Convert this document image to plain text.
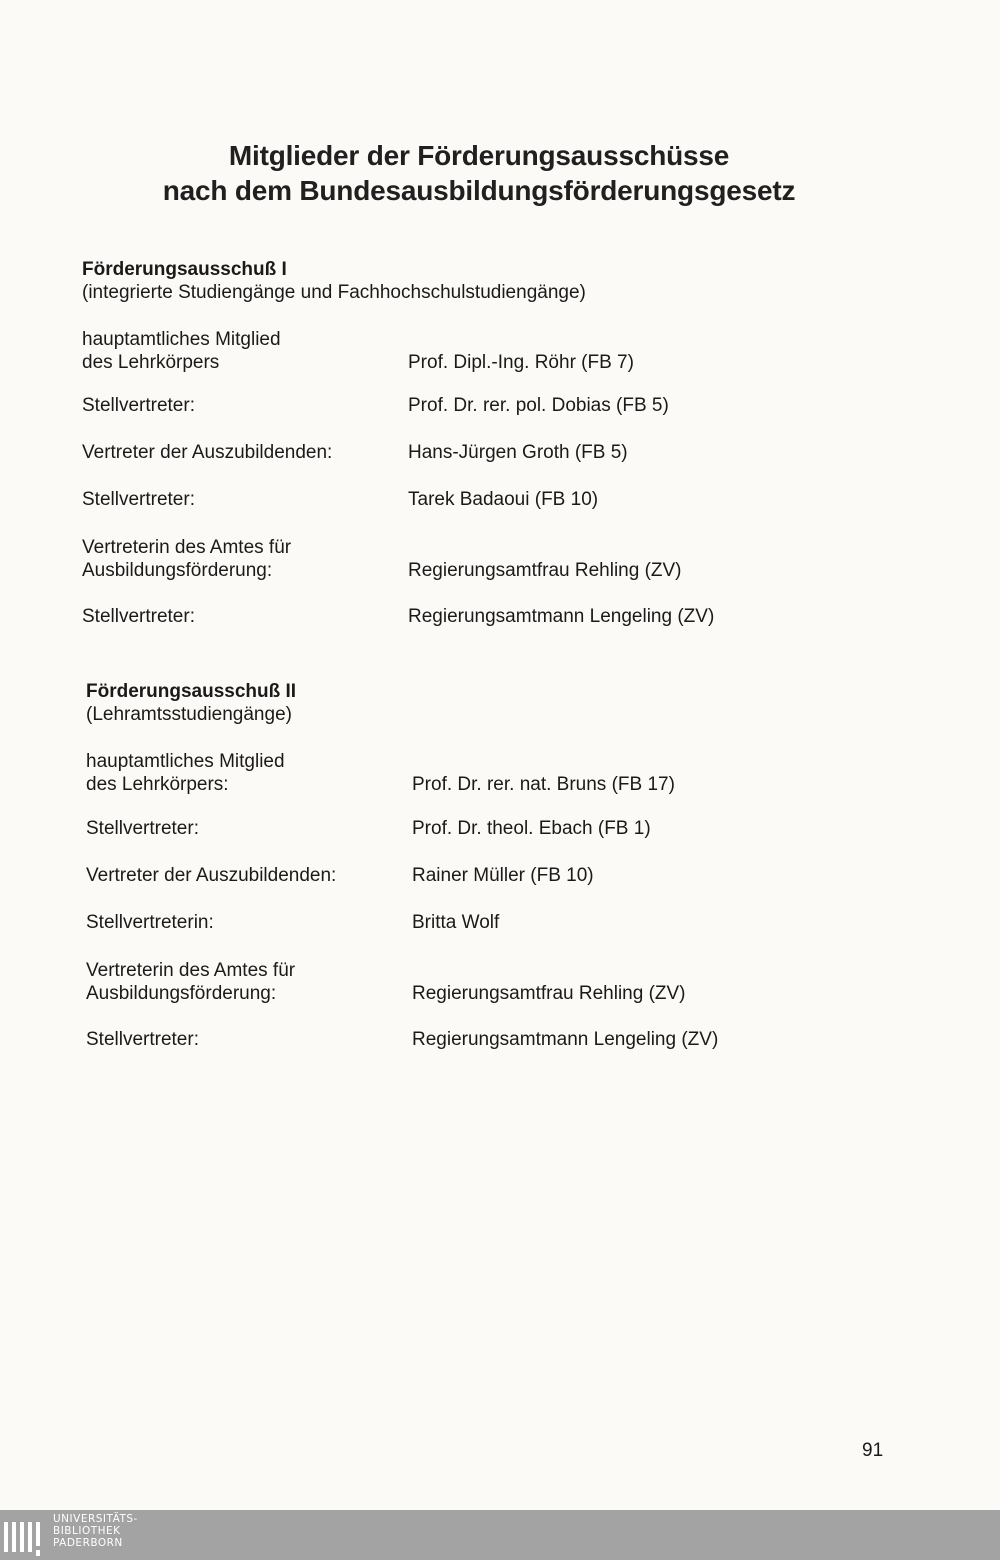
Mitglieder der Förderungsausschüsse
nach dem Bundesausbildungsförderungsgesetz
Förderungsausschuß I
(integrierte Studiengänge und Fachhochschulstudiengänge)
hauptamtliches Mitglied
des Lehrkörpers	Prof. Dipl.-Ing. Röhr (FB 7)
Stellvertreter:	Prof. Dr. rer. pol. Dobias (FB 5)
Vertreter der Auszubildenden:	Hans-Jürgen Groth (FB 5)
Stellvertreter:	Tarek Badaoui (FB 10)
Vertreterin des Amtes für
Ausbildungsförderung:	Regierungsamtfrau Rehling (ZV)
Stellvertreter:	Regierungsamtmann Lengeling (ZV)
Förderungsausschuß II
(Lehramtsstudiengänge)
hauptamtliches Mitglied
des Lehrkörpers:	Prof. Dr. rer. nat. Bruns (FB 17)
Stellvertreter:	Prof. Dr. theol. Ebach (FB 1)
Vertreter der Auszubildenden:	Rainer Müller (FB 10)
Stellvertreterin:	Britta Wolf
Vertreterin des Amtes für
Ausbildungsförderung:	Regierungsamtfrau Rehling (ZV)
Stellvertreter:	Regierungsamtmann Lengeling (ZV)
91
UNIVERSITÄTS-
BIBLIOTHEK
PADERBORN
